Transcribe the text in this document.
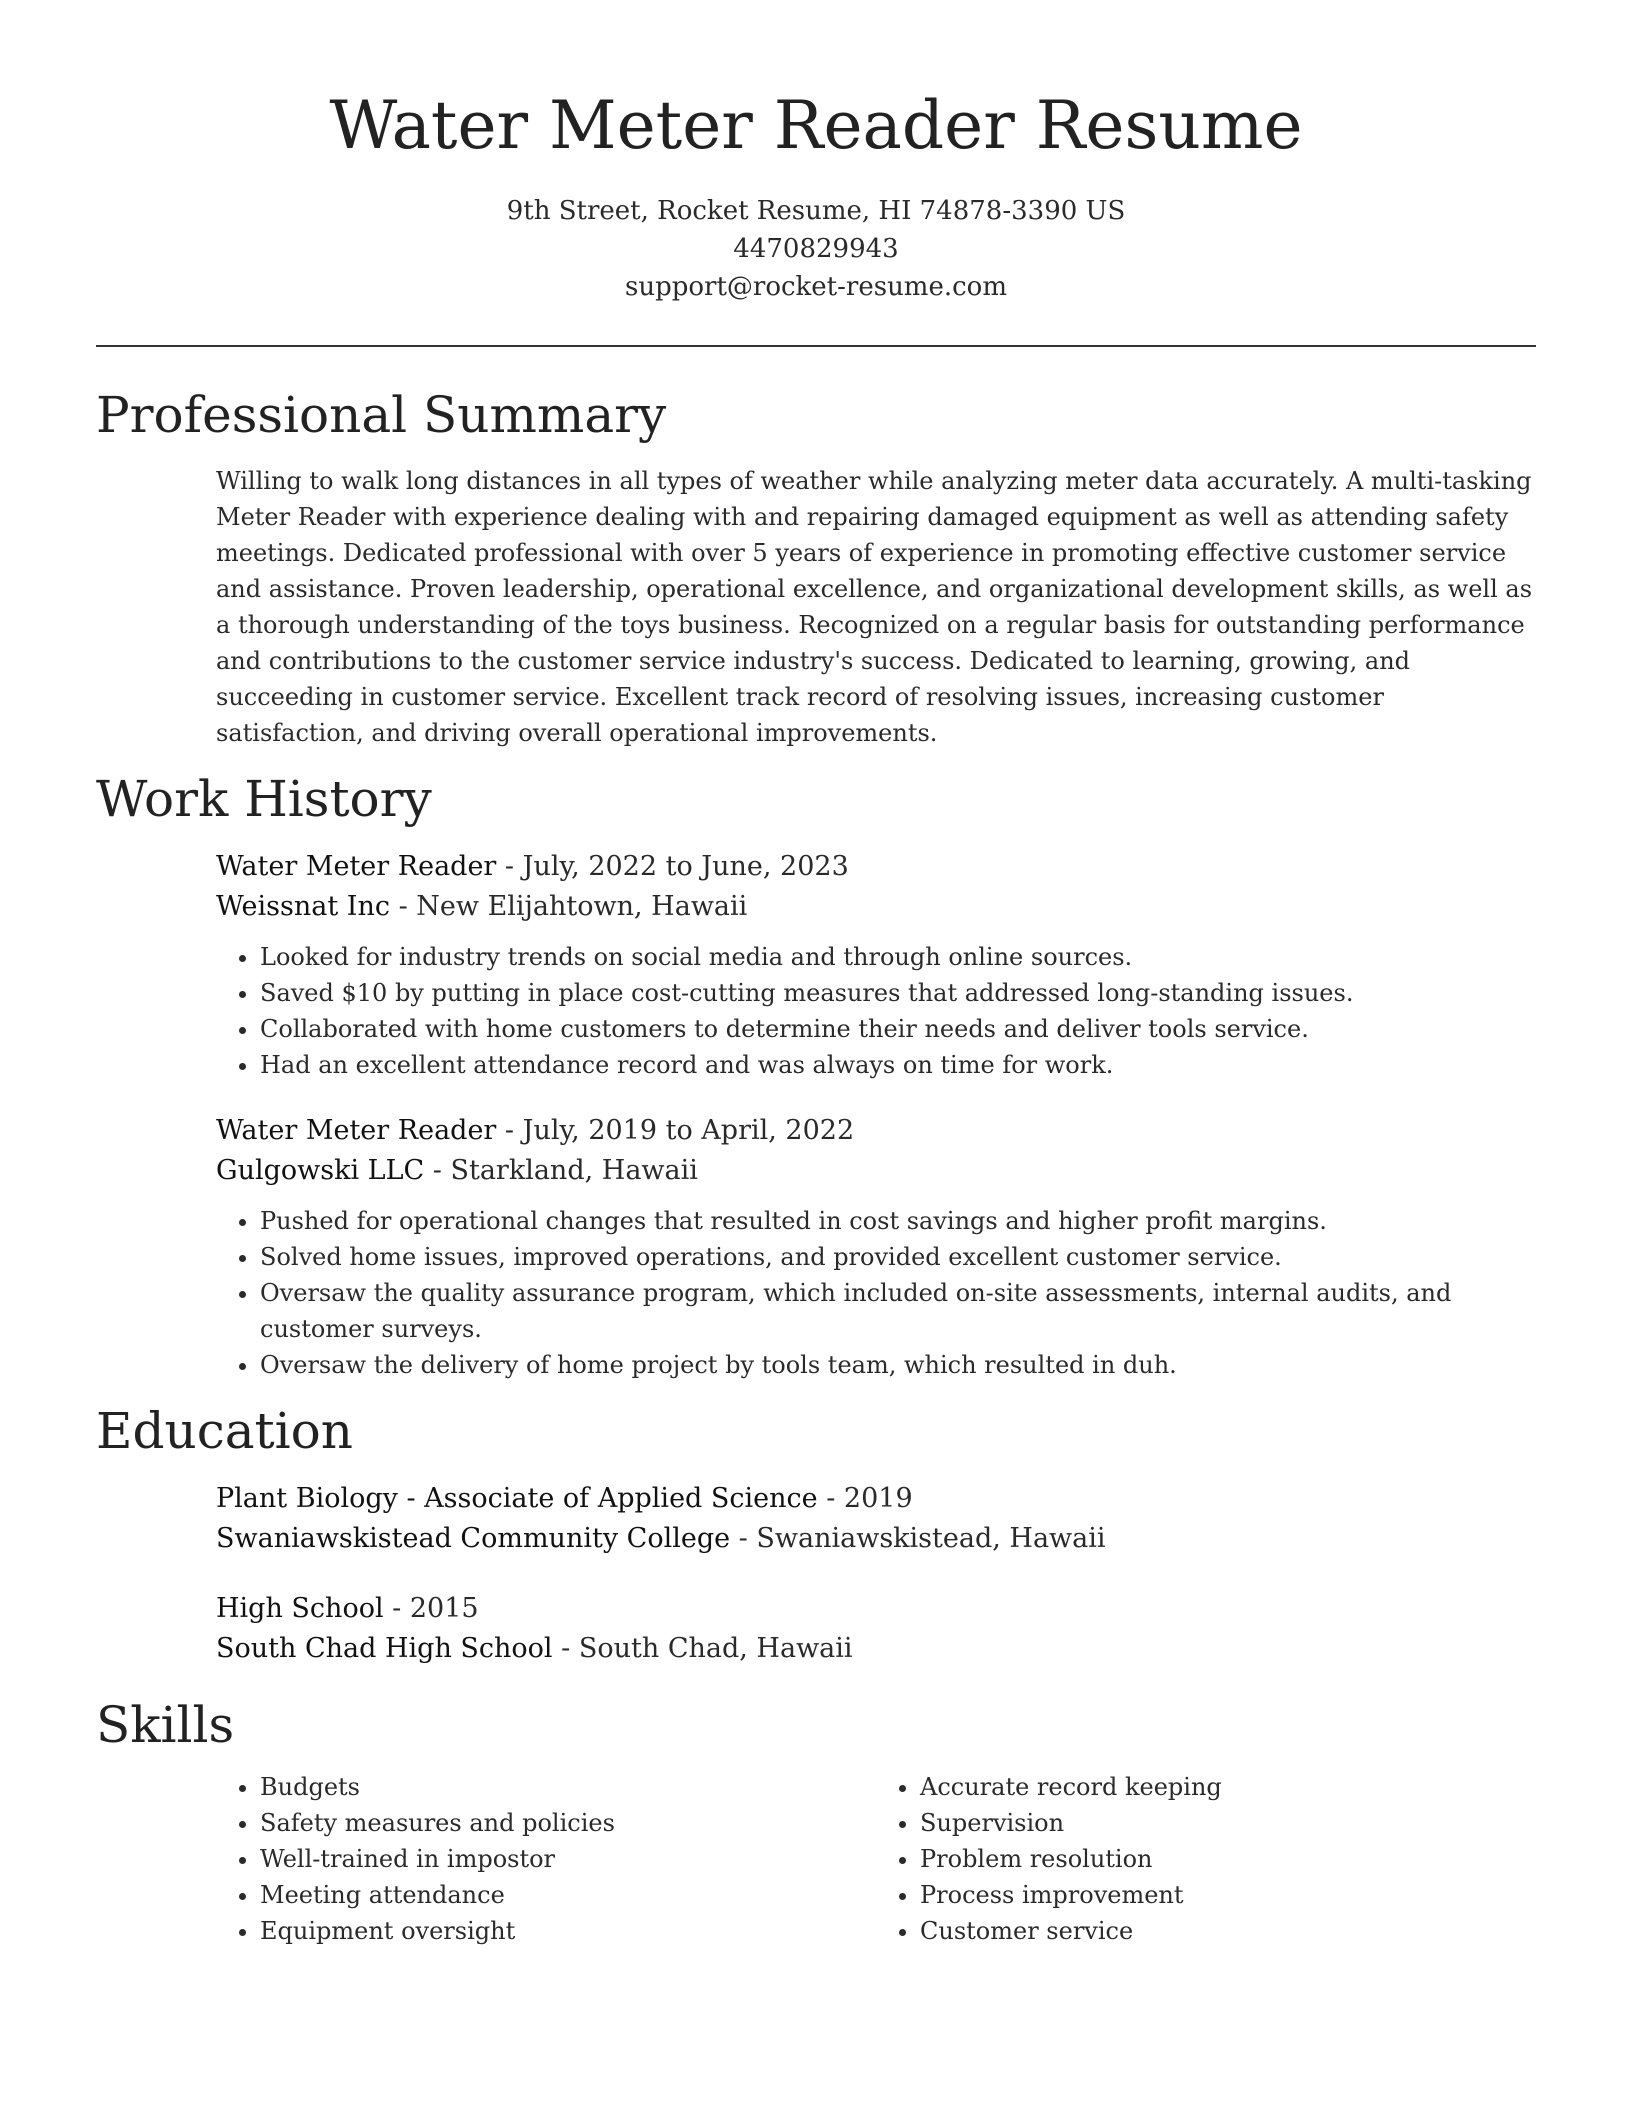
Water Meter Reader Resume
9th Street, Rocket Resume, HI 74878-3390 US
4470829943
support@rocket-resume.com
Professional Summary

Willing to walk long distances in all types of weather while analyzing meter data accurately. A multi-tasking Meter Reader with experience dealing with and repairing damaged equipment as well as attending safety meetings. Dedicated professional with over 5 years of experience in promoting effective customer service and assistance. Proven leadership, operational excellence, and organizational development skills, as well as a thorough understanding of the toys business. Recognized on a regular basis for outstanding performance and contributions to the customer service industry's success. Dedicated to learning, growing, and succeeding in customer service. Excellent track record of resolving issues, increasing customer satisfaction, and driving overall operational improvements.

Work History
Water Meter Reader - July, 2022 to June, 2023
Weissnat Inc - New Elijahtown, Hawaii
• Looked for industry trends on social media and through online sources.
• Saved $10 by putting in place cost-cutting measures that addressed long-standing issues.
• Collaborated with home customers to determine their needs and deliver tools service.
• Had an excellent attendance record and was always on time for work.
Water Meter Reader - July, 2019 to April, 2022
Gulgowski LLC - Starkland, Hawaii
• Pushed for operational changes that resulted in cost savings and higher profit margins.
• Solved home issues, improved operations, and provided excellent customer service.
• Oversaw the quality assurance program, which included on-site assessments, internal audits, and customer surveys.
• Oversaw the delivery of home project by tools team, which resulted in duh.
Education
Plant Biology - Associate of Applied Science - 2019
Swaniawskistead Community College - Swaniawskistead, Hawaii
High School - 2015
South Chad High School - South Chad, Hawaii
Skills
• Budgets
• Safety measures and policies
• Well-trained in impostor
• Meeting attendance
• Equipment oversight
• Accurate record keeping
• Supervision
• Problem resolution
• Process improvement
• Customer service
